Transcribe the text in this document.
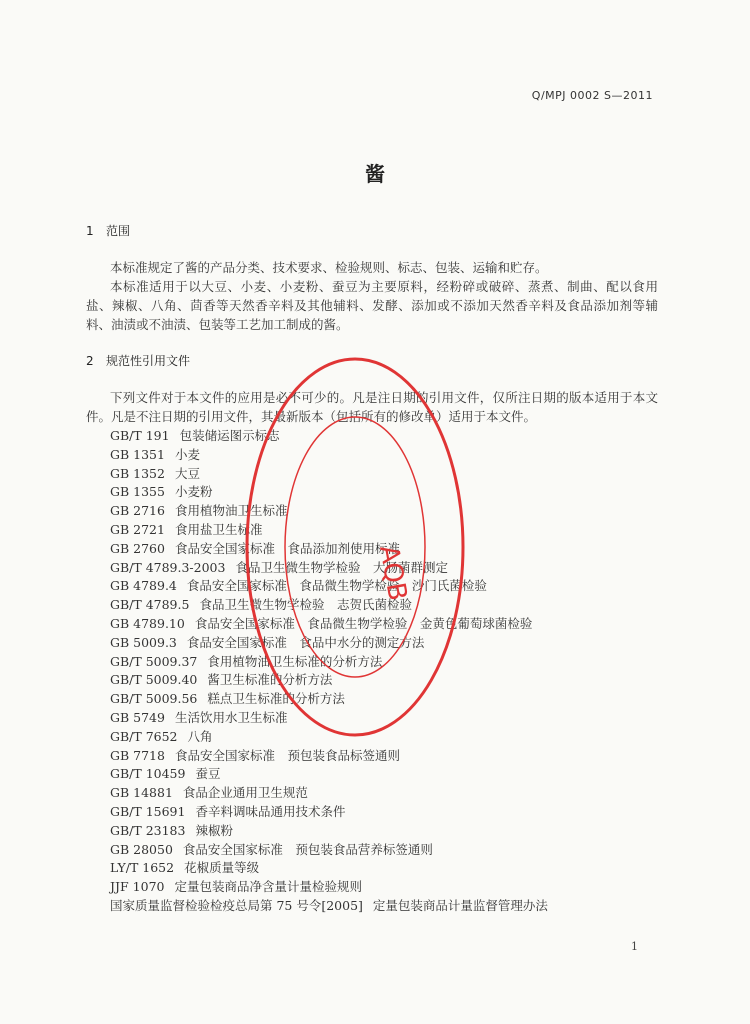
Q/MPJ 0002 S—2011
酱
1 范围
本标准规定了酱的产品分类、技术要求、检验规则、标志、包装、运输和贮存。
本标准适用于以大豆、小麦、小麦粉、蚕豆为主要原料，经粉碎或破碎、蒸煮、制曲、配以食用盐、辣椒、八角、茴香等天然香辛料及其他辅料、发酵、添加或不添加天然香辛料及食品添加剂等辅料、油渍或不油渍、包装等工艺加工制成的酱。
2 规范性引用文件
下列文件对于本文件的应用是必不可少的。凡是注日期的引用文件，仅所注日期的版本适用于本文件。凡是不注日期的引用文件，其最新版本（包括所有的修改单）适用于本文件。
GB/T 191 包装储运图示标志
GB 1351 小麦
GB 1352 大豆
GB 1355 小麦粉
GB 2716 食用植物油卫生标准
GB 2721 食用盐卫生标准
GB 2760 食品安全国家标准　食品添加剂使用标准
GB/T 4789.3-2003 食品卫生微生物学检验　大肠菌群测定
GB 4789.4 食品安全国家标准　食品微生物学检验　沙门氏菌检验
GB/T 4789.5 食品卫生微生物学检验　志贺氏菌检验
GB 4789.10 食品安全国家标准　食品微生物学检验　金黄色葡萄球菌检验
GB 5009.3 食品安全国家标准　食品中水分的测定方法
GB/T 5009.37 食用植物油卫生标准的分析方法
GB/T 5009.40 酱卫生标准的分析方法
GB/T 5009.56 糕点卫生标准的分析方法
GB 5749 生活饮用水卫生标准
GB/T 7652 八角
GB 7718 食品安全国家标准　预包装食品标签通则
GB/T 10459 蚕豆
GB 14881 食品企业通用卫生规范
GB/T 15691 香辛料调味品通用技术条件
GB/T 23183 辣椒粉
GB 28050 食品安全国家标准　预包装食品营养标签通则
LY/T 1652 花椒质量等级
JJF 1070 定量包装商品净含量计量检验规则
国家质量监督检验检疫总局第 75 号令[2005] 定量包装商品计量监督管理办法
AQB
1
